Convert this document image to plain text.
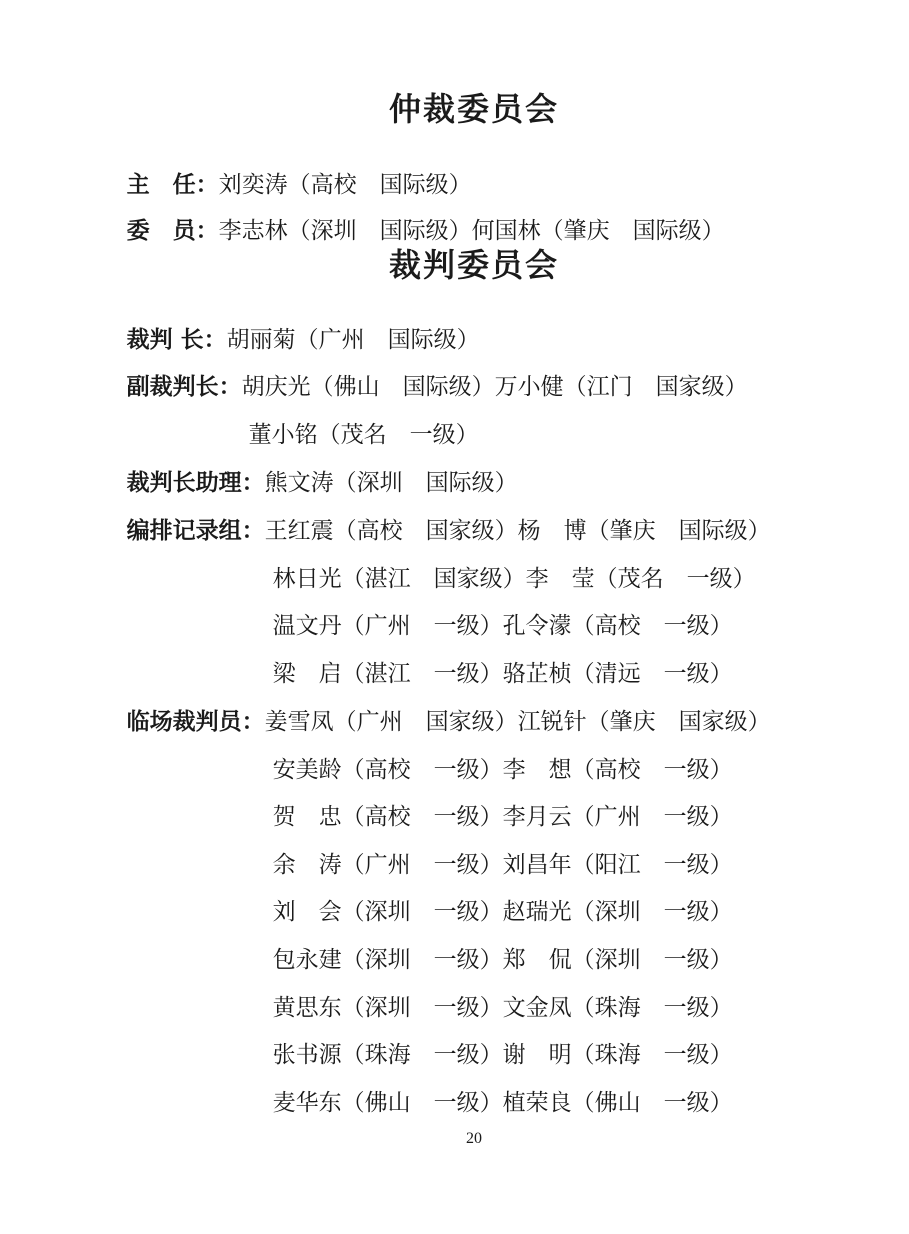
仲裁委员会

主　任：刘奕涛（高校　国际级）

委　员：李志林（深圳　国际级）何国林（肇庆　国际级）

裁判委员会

裁判 长：胡丽菊（广州　国际级）

副裁判长：胡庆光（佛山　国际级）万小健（江门　国家级）

董小铭（茂名　一级）

裁判长助理：熊文涛（深圳　国际级）

编排记录组：王红震（高校　国家级）杨　博（肇庆　国际级）

林日光（湛江　国家级）李　莹（茂名　一级）

温文丹（广州　一级）孔令濛（高校　一级）

梁　启（湛江　一级）骆芷桢（清远　一级）

临场裁判员：姜雪凤（广州　国家级）江锐针（肇庆　国家级）

安美龄（高校　一级）李　想（高校　一级）

贺　忠（高校　一级）李月云（广州　一级）

余　涛（广州　一级）刘昌年（阳江　一级）

刘　会（深圳　一级）赵瑞光（深圳　一级）

包永建（深圳　一级）郑　侃（深圳　一级）

黄思东（深圳　一级）文金凤（珠海　一级）

张书源（珠海　一级）谢　明（珠海　一级）

麦华东（佛山　一级）植荣良（佛山　一级）

20
